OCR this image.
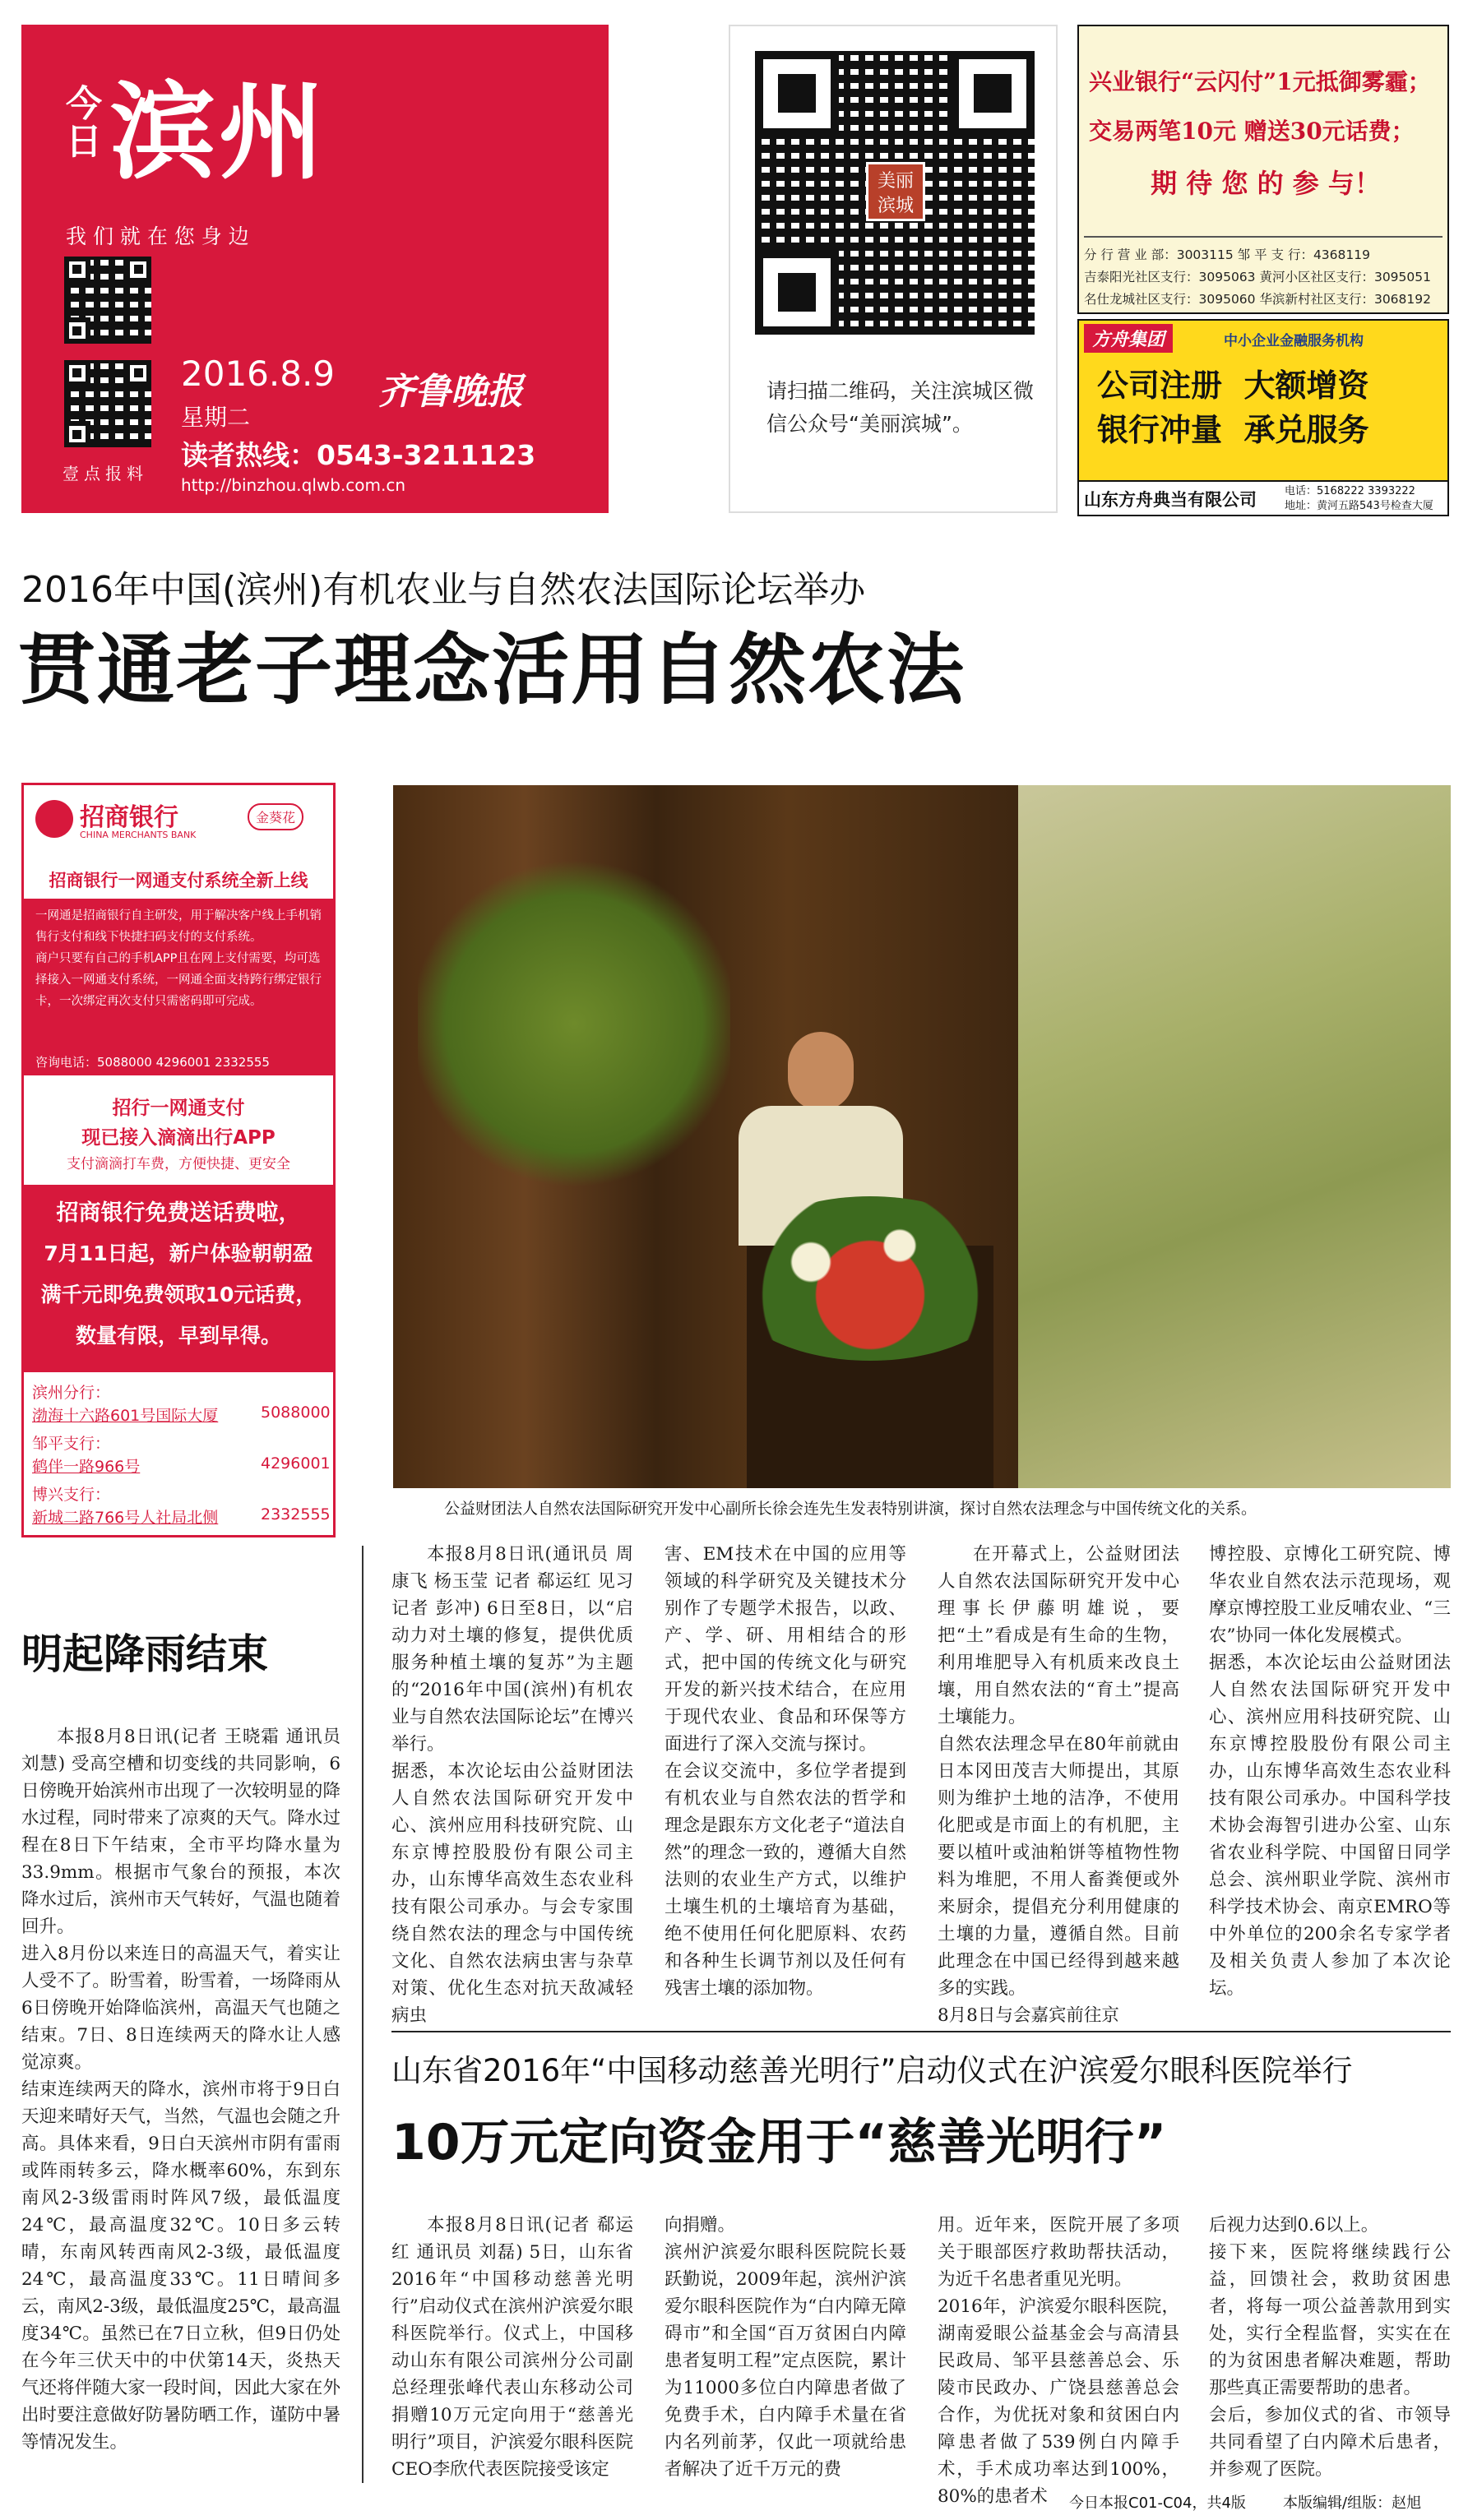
今日 滨州
我 们 就 在 您 身 边
壹点报料
2016.8.9
星期二
齐鲁晚报
读者热线：0543-3211123
http://binzhou.qlwb.com.cn
美丽滨城
请扫描二维码，关注滨城区微信公众号“美丽滨城”。
兴业银行“云闪付”1元抵御雾霾；
交易两笔10元 赠送30元话费；
期 待 您 的 参 与！
分 行 营 业 部：3003115 邹 平 支 行：4368119
吉泰阳光社区支行：3095063 黄河小区社区支行：3095051
名仕龙城社区支行：3095060 华滨新村社区支行：3068192
方舟集团	中小企业金融服务机构
公司注册  大额增资
银行冲量  承兑服务
山东方舟典当有限公司	电话：5168222 3393222
地址：黄河五路543号检查大厦
2016年中国(滨州)有机农业与自然农法国际论坛举办
贯通老子理念活用自然农法
招商银行
CHINA MERCHANTS BANK
金葵花
招商银行一网通支付系统全新上线
一网通是招商银行自主研发，用于解决客户线上手机销售行支付和线下快捷扫码支付的支付系统。
商户只要有自己的手机APP且在网上支付需要，均可选择接入一网通支付系统，一网通全面支持跨行绑定银行卡，一次绑定再次支付只需密码即可完成。
咨询电话：5088000 4296001 2332555
招行一网通支付
现已接入滴滴出行APP
支付滴滴打车费，方便快捷、更安全
招商银行免费送话费啦，
7月11日起，新户体验朝朝盈
满千元即免费领取10元话费，
数量有限，早到早得。
滨州分行：
渤海十六路601号国际大厦	5088000
邹平支行：
鹤伴一路966号	4296001
博兴支行：
新城二路766号人社局北侧	2332555	公益财团法人自然农法国际研究开发中心副所长徐会连先生发表特别讲演，探讨自然农法理念与中国传统文化的关系。

本报8月8日讯(通讯员 周康飞 杨玉莹 记者 郗运红 见习记者 彭冲) 6日至8日，以“启动力对土壤的修复，提供优质服务种植土壤的复苏”为主题的“2016年中国(滨州)有机农业与自然农法国际论坛”在博兴举行。
据悉，本次论坛由公益财团法人自然农法国际研究开发中心、滨州应用科技研究院、山东京博控股股份有限公司主办，山东博华高效生态农业科技有限公司承办。与会专家围绕自然农法的理念与中国传统文化、自然农法病虫害与杂草对策、优化生态对抗天敌减轻病虫

害、EM技术在中国的应用等领域的科学研究及关键技术分别作了专题学术报告，以政、产、学、研、用相结合的形式，把中国的传统文化与研究开发的新兴技术结合，在应用于现代农业、食品和环保等方面进行了深入交流与探讨。
在会议交流中，多位学者提到有机农业与自然农法的哲学和理念是跟东方文化老子“道法自然”的理念一致的，遵循大自然法则的农业生产方式，以维护土壤生机的土壤培育为基础，绝不使用任何化肥原料、农药和各种生长调节剂以及任何有残害土壤的添加物。

在开幕式上，公益财团法人自然农法国际研究开发中心理事长伊藤明雄说，要把“土”看成是有生命的生物，利用堆肥导入有机质来改良土壤，用自然农法的“育土”提高土壤能力。
自然农法理念早在80年前就由日本冈田茂吉大师提出，其原则为维护土地的洁净，不使用化肥或是市面上的有机肥，主要以植叶或油粕饼等植物性物料为堆肥，不用人畜粪便或外来厨余，提倡充分利用健康的土壤的力量，遵循自然。目前此理念在中国已经得到越来越多的实践。
8月8日与会嘉宾前往京

博控股、京博化工研究院、博华农业自然农法示范现场，观摩京博控股工业反哺农业、“三农”协同一体化发展模式。
据悉，本次论坛由公益财团法人自然农法国际研究开发中心、滨州应用科技研究院、山东京博控股股份有限公司主办，山东博华高效生态农业科技有限公司承办。中国科学技术协会海智引进办公室、山东省农业科学院、中国留日同学总会、滨州职业学院、滨州市科学技术协会、南京EMRO等中外单位的200余名专家学者及相关负责人参加了本次论坛。

明起降雨结束

本报8月8日讯(记者 王晓霜 通讯员 刘慧) 受高空槽和切变线的共同影响，6日傍晚开始滨州市出现了一次较明显的降水过程，同时带来了凉爽的天气。降水过程在8日下午结束，全市平均降水量为33.9mm。根据市气象台的预报，本次降水过后，滨州市天气转好，气温也随着回升。
进入8月份以来连日的高温天气，着实让人受不了。盼雪着，盼雪着，一场降雨从6日傍晚开始降临滨州，高温天气也随之结束。7日、8日连续两天的降水让人感觉凉爽。
结束连续两天的降水，滨州市将于9日白天迎来晴好天气，当然，气温也会随之升高。具体来看，9日白天滨州市阴有雷雨或阵雨转多云，降水概率60%，东到东南风2-3级雷雨时阵风7级，最低温度24℃，最高温度32℃。10日多云转晴，东南风转西南风2-3级，最低温度24℃，最高温度33℃。11日晴间多云，南风2-3级，最低温度25℃，最高温度34℃。虽然已在7日立秋，但9日仍处在今年三伏天中的中伏第14天，炎热天气还将伴随大家一段时间，因此大家在外出时要注意做好防暑防晒工作，谨防中暑等情况发生。

山东省2016年“中国移动慈善光明行”启动仪式在沪滨爱尔眼科医院举行
10万元定向资金用于“慈善光明行”

本报8月8日讯(记者 郗运红 通讯员 刘磊) 5日，山东省2016年“中国移动慈善光明行”启动仪式在滨州沪滨爱尔眼科医院举行。仪式上，中国移动山东有限公司滨州分公司副总经理张峰代表山东移动公司捐赠10万元定向用于“慈善光明行”项目，沪滨爱尔眼科医院CEO李欣代表医院接受该定

向捐赠。
滨州沪滨爱尔眼科医院院长聂跃勤说，2009年起，滨州沪滨爱尔眼科医院作为“白内障无障碍市”和全国“百万贫困白内障患者复明工程”定点医院，累计为11000多位白内障患者做了免费手术，白内障手术量在省内名列前茅，仅此一项就给患者解决了近千万元的费

用。近年来，医院开展了多项关于眼部医疗救助帮扶活动，为近千名患者重见光明。
2016年，沪滨爱尔眼科医院，湖南爱眼公益基金会与高清县民政局、邹平县慈善总会、乐陵市民政办、广饶县慈善总会合作，为优抚对象和贫困白内障患者做了539例白内障手术，手术成功率达到100%，80%的患者术

后视力达到0.6以上。
接下来，医院将继续践行公益，回馈社会，救助贫困患者，将每一项公益善款用到实处，实行全程监督，实实在在的为贫困患者解决难题，帮助那些真正需要帮助的患者。
会后，参加仪式的省、市领导共同看望了白内障术后患者，并参观了医院。

今日本报C01-C04，共4版	本版编辑/组版：赵旭
